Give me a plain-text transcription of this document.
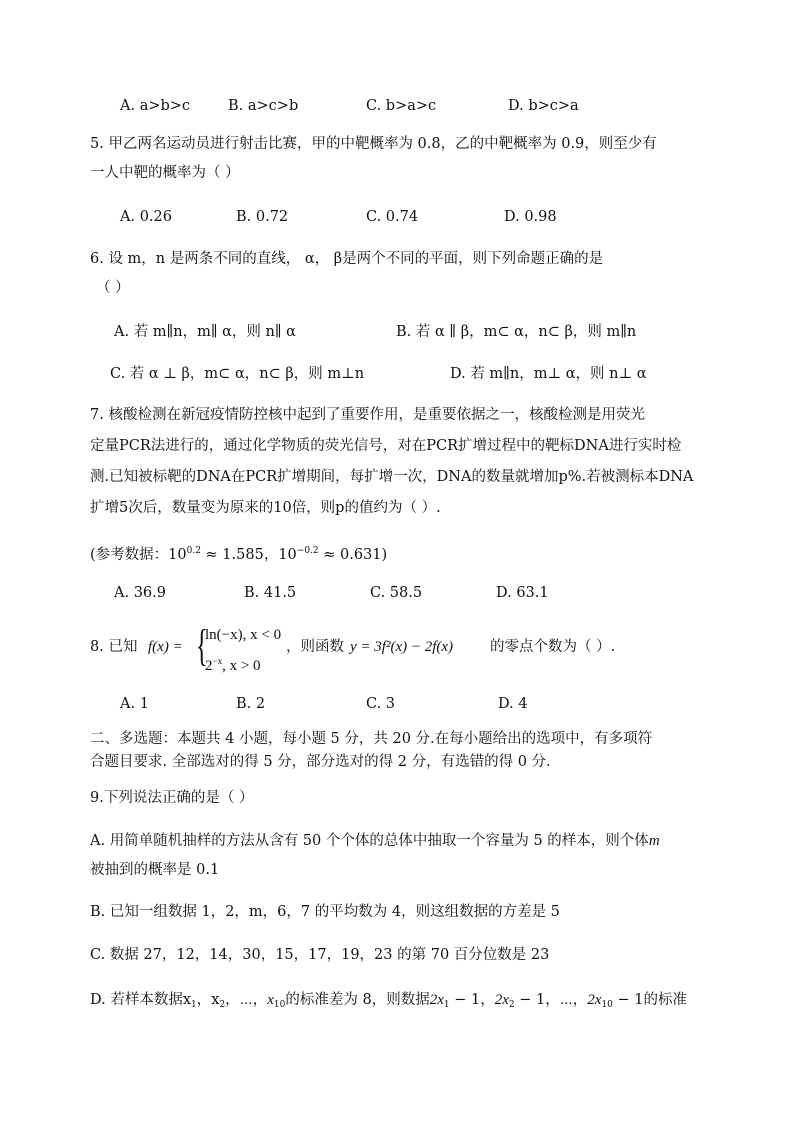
A. a>b>c	B. a>c>b	C. b>a>c	D. b>c>a
5. 甲乙两名运动员进行射击比赛，甲的中靶概率为 0.8，乙的中靶概率为 0.9，则至少有
一人中靶的概率为（ ）
A. 0.26	B. 0.72	C. 0.74	D. 0.98
6. 设 m，n 是两条不同的直线， α， β是两个不同的平面，则下列命题正确的是
（ ）
A. 若 m∥n，m∥ α，则 n∥ α	B. 若 α ∥ β，m⊂ α，n⊂ β，则 m∥n
C. 若 α ⊥ β，m⊂ α，n⊂ β，则 m⊥n	D. 若 m∥n，m⊥ α，则 n⊥ α
7. 核酸检测在新冠疫情防控核中起到了重要作用，是重要依据之一，核酸检测是用荧光
定量PCR法进行的，通过化学物质的荧光信号，对在PCR扩增过程中的靶标DNA进行实时检
测.已知被标靶的DNA在PCR扩增期间，每扩增一次，DNA的数量就增加p%.若被测标本DNA
扩增5次后，数量变为原来的10倍，则p的值约为（ ）.
(参考数据：$10^{0.2} \approx 1.585$，$10^{-0.2} \approx 0.631$)
A. 36.9	B. 41.5	C. 58.5	D. 63.1
8. 已知 f(x) = {
ln(−x), x < 0
$2^{-x}$, x > 0
，则函数 y = 3f²(x) − 2f(x)	的零点个数为（ ）.
A. 1	B. 2	C. 3	D. 4
二、多选题：本题共 4 小题，每小题 5 分，共 20 分.在每小题给出的选项中，有多项符
合题目要求. 全部选对的得 5 分，部分选对的得 2 分，有选错的得 0 分.
9.下列说法正确的是（ ）
A. 用简单随机抽样的方法从含有 50 个个体的总体中抽取一个容量为 5 的样本，则个体m
被抽到的概率是 0.1
B. 已知一组数据 1，2，m，6，7 的平均数为 4，则这组数据的方差是 5
C. 数据 27，12，14，30，15，17，19，23 的第 70 百分位数是 23
D. 若样本数据$x_1$，$x_2$，⋯，$x_{10}$的标准差为 8，则数据$2x_1 - 1$，$2x_2 - 1$，⋯，$2x_{10} - 1$的标准
